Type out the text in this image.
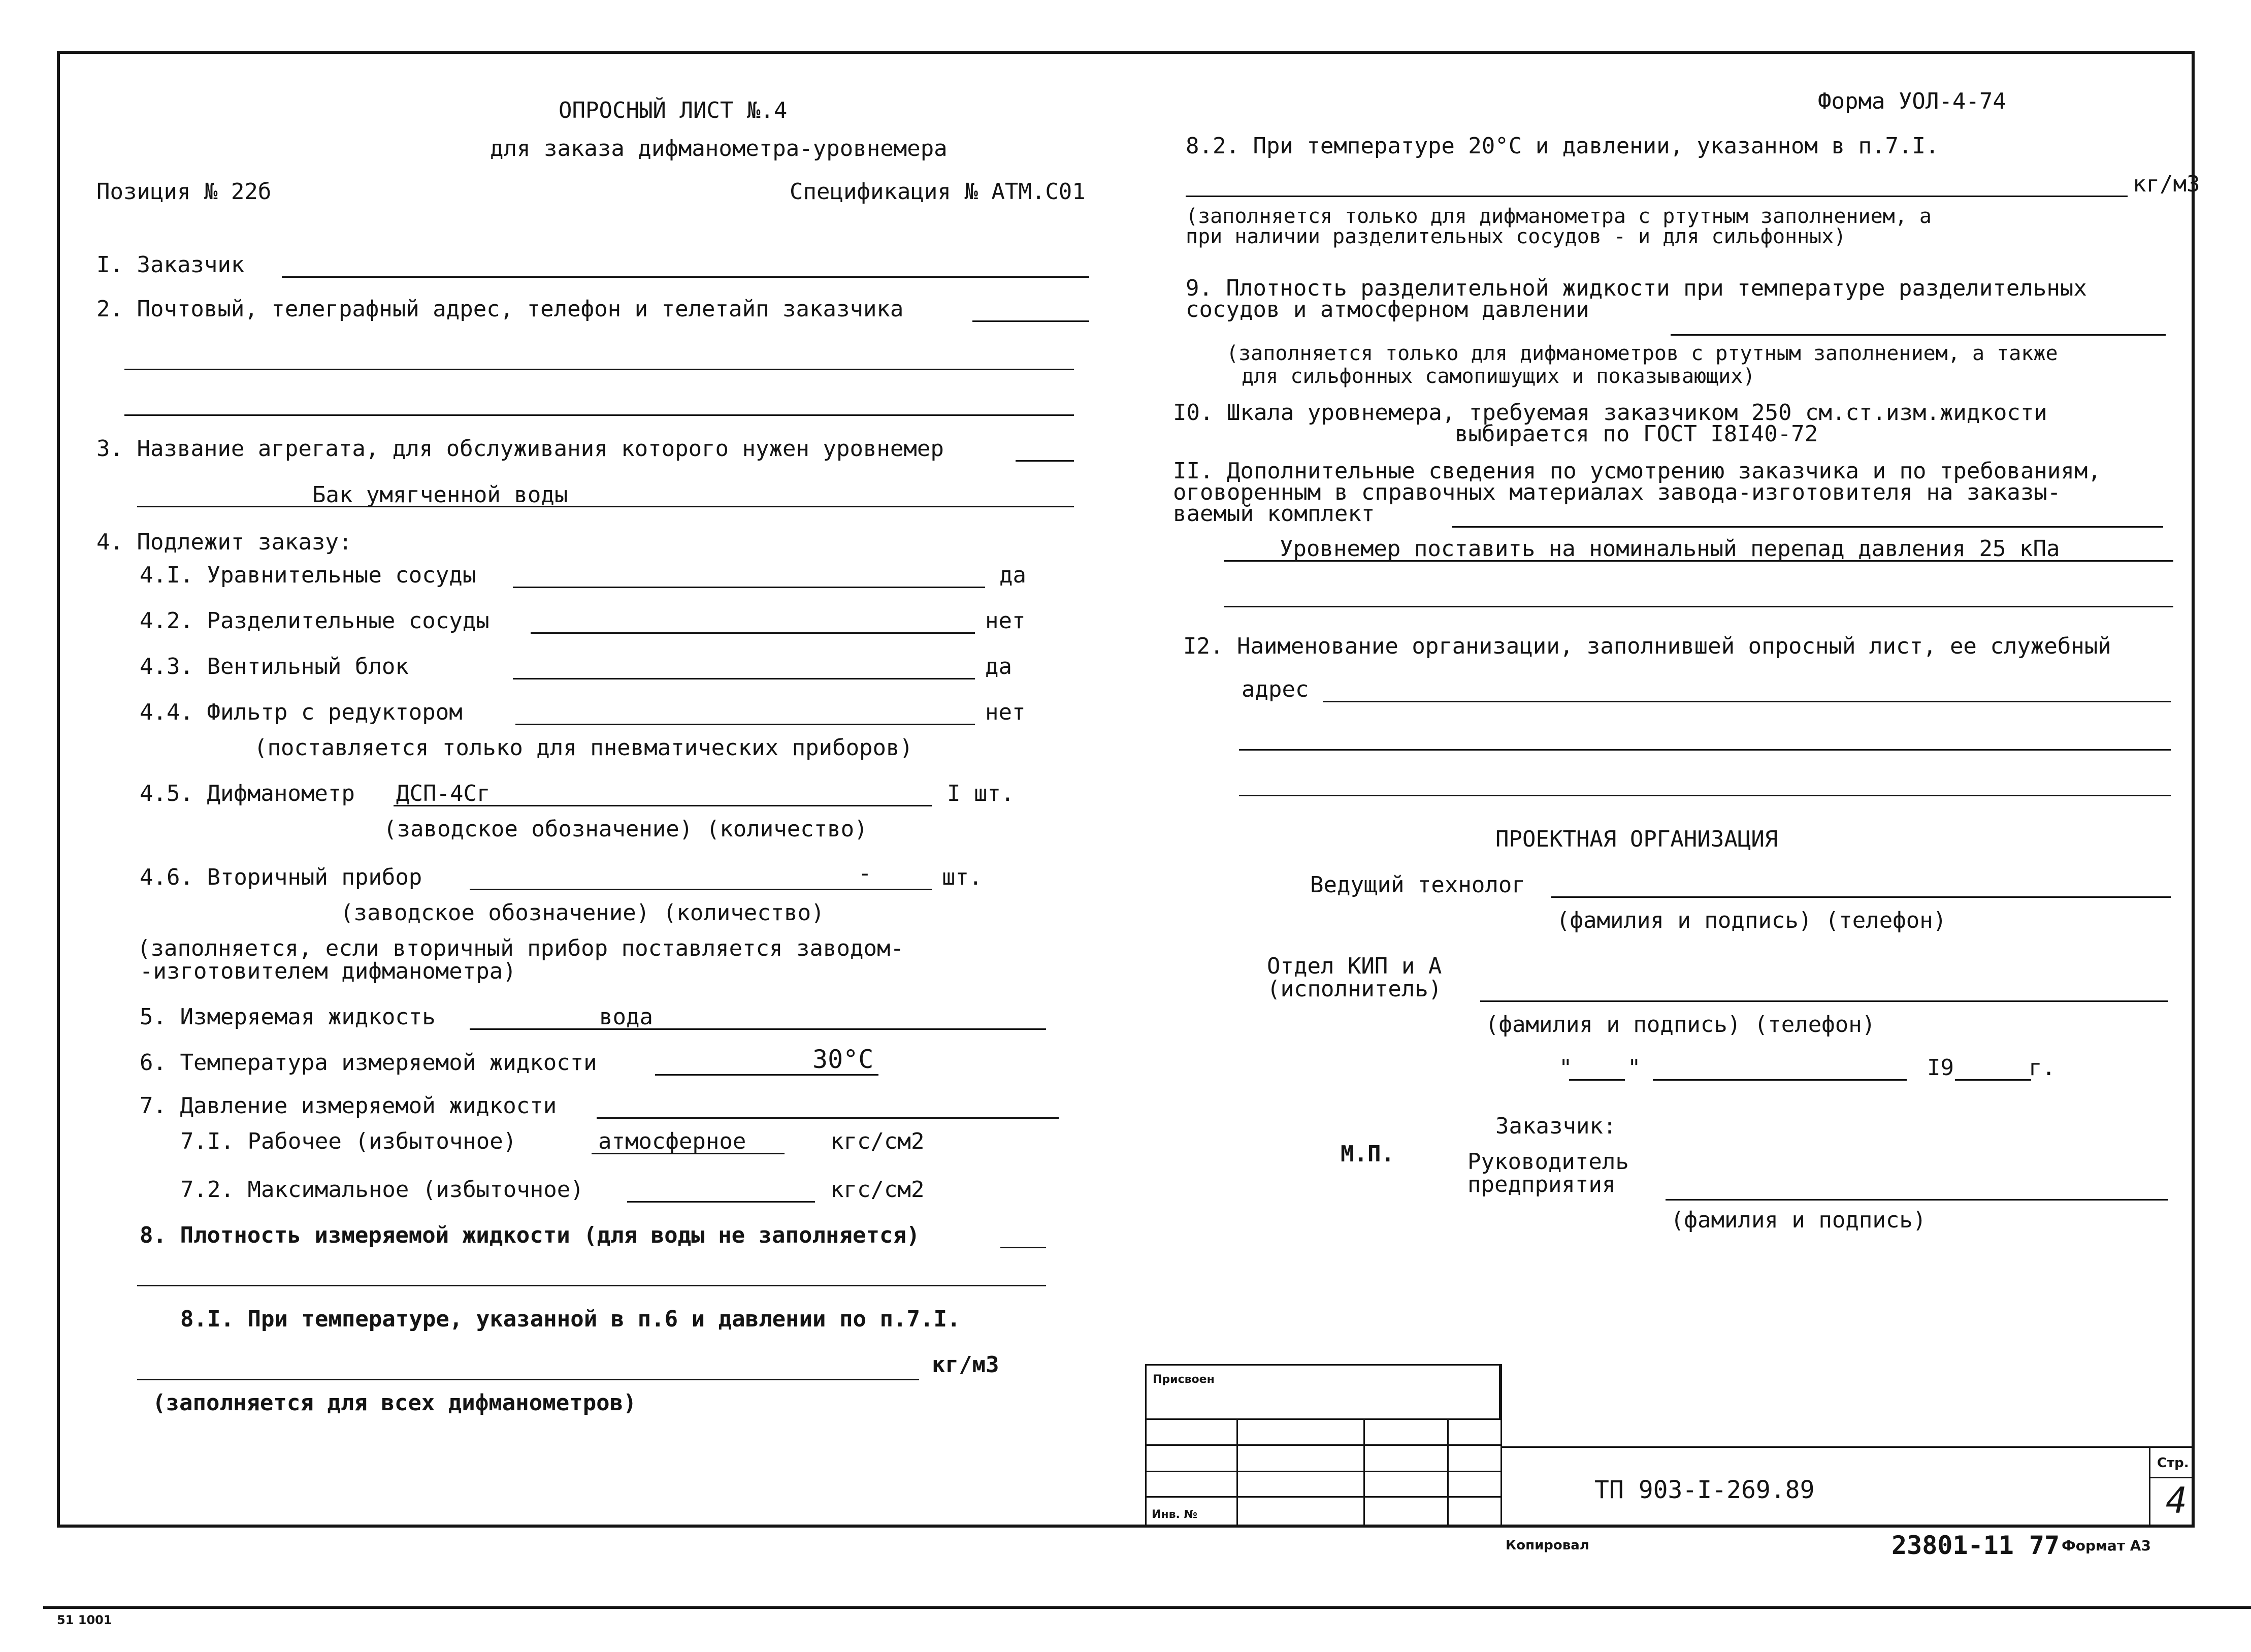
ОПРОСНЫЙ ЛИСТ №.4
для заказа дифманометра-уровнемера
Позиция № 22б	Спецификация № АТМ.С01
Форма УОЛ-4-74
I. Заказчик
2. Почтовый, телеграфный адрес, телефон и телетайп заказчика
3. Название агрегата, для обслуживания которого нужен уровнемер
Бак умягченной воды
4. Подлежит заказу:
4.I. Уравнительные сосуды	да
4.2. Разделительные сосуды	нет
4.3. Вентильный блок	да
4.4. Фильтр с редуктором	нет
(поставляется только для пневматических приборов)
4.5. Дифманометр ДСП-4Сг	I шт.
(заводское обозначение) (количество)
4.6. Вторичный прибор	-	шт.
(заводское обозначение) (количество)
(заполняется, если вторичный прибор поставляется заводом-
-изготовителем дифманометра)
5. Измеряемая жидкость	вода
6. Температура измеряемой жидкости	30°С
7. Давление измеряемой жидкости
7.I. Рабочее (избыточное)	атмосферное	кгс/см2
7.2. Максимальное (избыточное)	кгс/см2
8. Плотность измеряемой жидкости (для воды не заполняется)
8.I. При температуре, указанной в п.6 и давлении по п.7.I.
кг/м3
(заполняется для всех дифманометров)
8.2. При температуре 20°С и давлении, указанном в п.7.I.
кг/м3
(заполняется только для дифманометра с ртутным заполнением, а
при наличии разделительных сосудов - и для сильфонных)
9. Плотность разделительной жидкости при температуре разделительных
сосудов и атмосферном давлении
(заполняется только для дифманометров с ртутным заполнением, а также
для сильфонных самопишущих и показывающих)
I0. Шкала уровнемера, требуемая заказчиком 250 см.ст.изм.жидкости
выбирается по ГОСТ I8I40-72
II. Дополнительные сведения по усмотрению заказчика и по требованиям,
оговоренным в справочных материалах завода-изготовителя на заказы-
ваемый комплект
Уровнемер поставить на номинальный перепад давления 25 кПа
I2. Наименование организации, заполнившей опросный лист, ее служебный
адрес
ПРОЕКТНАЯ ОРГАНИЗАЦИЯ
Ведущий технолог
(фамилия и подпись) (телефон)
Отдел КИП и А
(исполнитель)
(фамилия и подпись) (телефон)
" "	I9	г.
М.П.
Заказчик:
Руководитель
предприятия
(фамилия и подпись)
Присвоен
Инв. №
ТП 903-I-269.89
Стр.
4
Копировал	23801-11 77 Формат А3
51 1001
